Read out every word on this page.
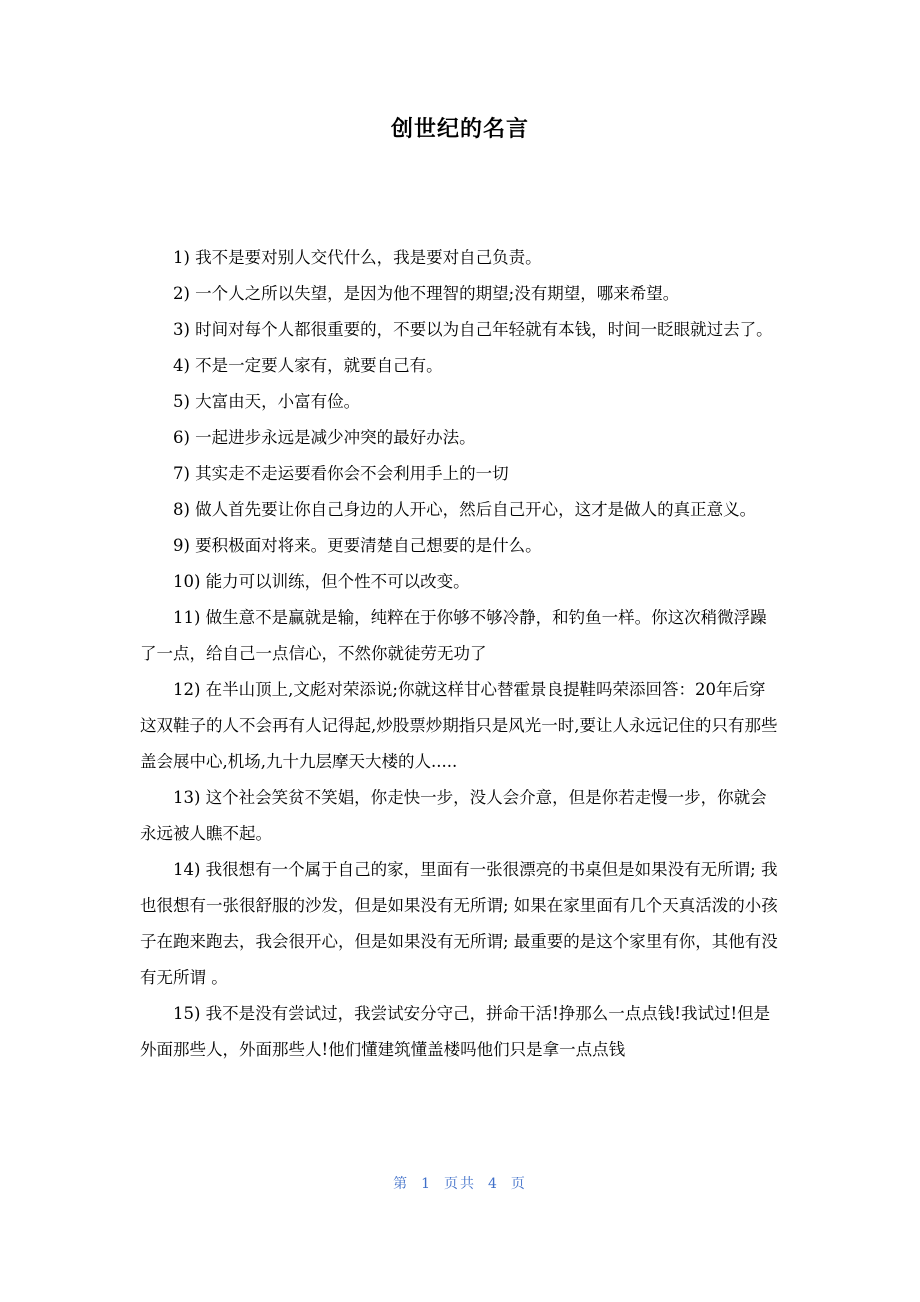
创世纪的名言

1) 我不是要对别人交代什么，我是要对自己负责。

2) 一个人之所以失望，是因为他不理智的期望;没有期望，哪来希望。

3) 时间对每个人都很重要的，不要以为自己年轻就有本钱，时间一眨眼就过去了。

4) 不是一定要人家有，就要自己有。

5) 大富由天，小富有俭。

6) 一起进步永远是减少冲突的最好办法。

7) 其实走不走运要看你会不会利用手上的一切

8) 做人首先要让你自己身边的人开心，然后自己开心，这才是做人的真正意义。

9) 要积极面对将来。更要清楚自己想要的是什么。

10) 能力可以训练，但个性不可以改变。

11) 做生意不是赢就是输，纯粹在于你够不够冷静，和钓鱼一样。你这次稍微浮躁了一点，给自己一点信心，不然你就徒劳无功了

12) 在半山顶上,文彪对荣添说;你就这样甘心替霍景良提鞋吗荣添回答：20年后穿这双鞋子的人不会再有人记得起,炒股票炒期指只是风光一时,要让人永远记住的只有那些盖会展中心,机场,九十九层摩天大楼的人.....

13) 这个社会笑贫不笑娼，你走快一步，没人会介意，但是你若走慢一步，你就会永远被人瞧不起。

14) 我很想有一个属于自己的家，里面有一张很漂亮的书桌但是如果没有无所谓; 我也很想有一张很舒服的沙发，但是如果没有无所谓; 如果在家里面有几个天真活泼的小孩子在跑来跑去，我会很开心，但是如果没有无所谓; 最重要的是这个家里有你，其他有没有无所谓 。

15) 我不是没有尝试过，我尝试安分守己，拼命干活!挣那么一点点钱!我试过!但是外面那些人，外面那些人!他们懂建筑懂盖楼吗他们只是拿一点点钱

第 1 页共 4 页
